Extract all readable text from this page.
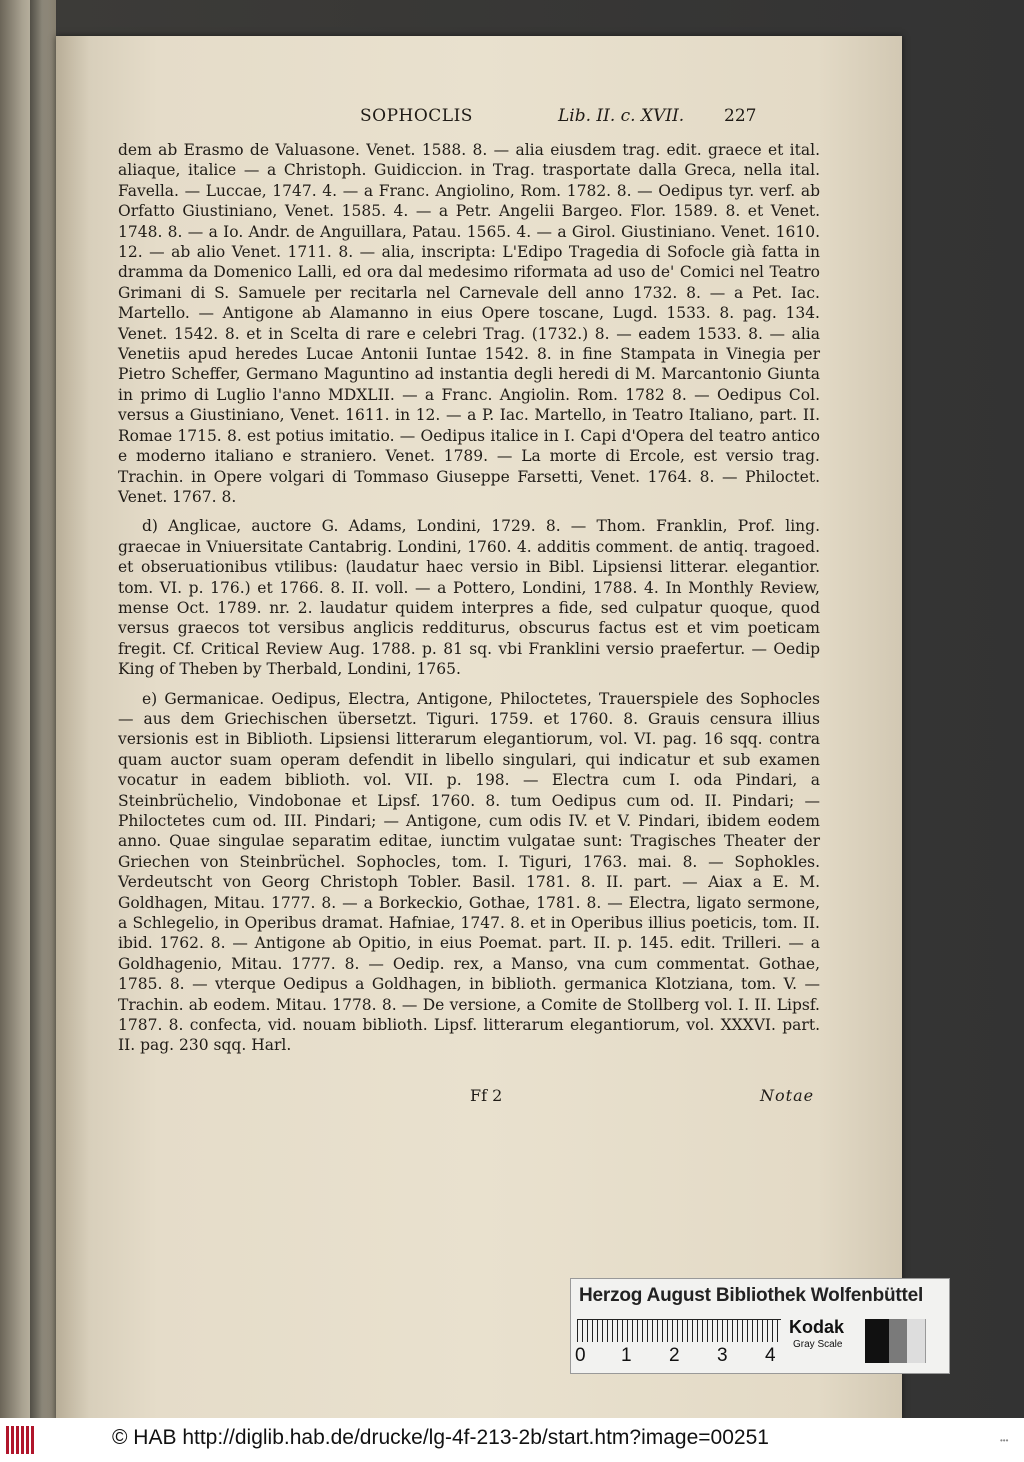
SOPHOCLIS	Lib. II. c. XVII. 227

dem ab Erasmo de Valuasone. Venet. 1588. 8. — alia eiusdem trag. edit. graece et ital. aliaque, italice — a Christoph. Guidiccion. in Trag. trasportate dalla Greca, nella ital. Favella. — Luccae, 1747. 4. — a Franc. Angiolino, Rom. 1782. 8. — Oedipus tyr. verf. ab Orfatto Giustiniano, Venet. 1585. 4. — a Petr. Angelii Bargeo. Flor. 1589. 8. et Venet. 1748. 8. — a Io. Andr. de Anguillara, Patau. 1565. 4. — a Girol. Giustiniano. Venet. 1610. 12. — ab alio Venet. 1711. 8. — alia, inscripta: L'Edipo Tragedia di Sofocle già fatta in dramma da Domenico Lalli, ed ora dal medesimo riformata ad uso de' Comici nel Teatro Grimani di S. Samuele per recitarla nel Carnevale dell anno 1732. 8. — a Pet. Iac. Martello. — Antigone ab Alamanno in eius Opere toscane, Lugd. 1533. 8. pag. 134. Venet. 1542. 8. et in Scelta di rare e celebri Trag. (1732.) 8. — eadem 1533. 8. — alia Venetiis apud heredes Lucae Antonii Iuntae 1542. 8. in fine Stampata in Vinegia per Pietro Scheffer, Germano Maguntino ad instantia degli heredi di M. Marcantonio Giunta in primo di Luglio l'anno MDXLII. — a Franc. Angiolin. Rom. 1782 8. — Oedipus Col. versus a Giustiniano, Venet. 1611. in 12. — a P. Iac. Martello, in Teatro Italiano, part. II. Romae 1715. 8. est potius imitatio. — Oedipus italice in I. Capi d'Opera del teatro antico e moderno italiano e straniero. Venet. 1789. — La morte di Ercole, est versio trag. Trachin. in Opere volgari di Tommaso Giuseppe Farsetti, Venet. 1764. 8. — Philoctet. Venet. 1767. 8.

d) Anglicae, auctore G. Adams, Londini, 1729. 8. — Thom. Franklin, Prof. ling. graecae in Vniuersitate Cantabrig. Londini, 1760. 4. additis comment. de antiq. tragoed. et obseruationibus vtilibus: (laudatur haec versio in Bibl. Lipsiensi litterar. elegantior. tom. VI. p. 176.) et 1766. 8. II. voll. — a Pottero, Londini, 1788. 4. In Monthly Review, mense Oct. 1789. nr. 2. laudatur quidem interpres a fide, sed culpatur quoque, quod versus graecos tot versibus anglicis redditurus, obscurus factus est et vim poeticam fregit. Cf. Critical Review Aug. 1788. p. 81 sq. vbi Franklini versio praefertur. — Oedip King of Theben by Therbald, Londini, 1765.

e) Germanicae. Oedipus, Electra, Antigone, Philoctetes, Trauerspiele des Sophocles — aus dem Griechischen übersetzt. Tiguri. 1759. et 1760. 8. Grauis censura illius versionis est in Biblioth. Lipsiensi litterarum elegantiorum, vol. VI. pag. 16 sqq. contra quam auctor suam operam defendit in libello singulari, qui indicatur et sub examen vocatur in eadem biblioth. vol. VII. p. 198. — Electra cum I. oda Pindari, a Steinbrüchelio, Vindobonae et Lipsf. 1760. 8. tum Oedipus cum od. II. Pindari; — Philoctetes cum od. III. Pindari; — Antigone, cum odis IV. et V. Pindari, ibidem eodem anno. Quae singulae separatim editae, iunctim vulgatae sunt: Tragisches Theater der Griechen von Steinbrüchel. Sophocles, tom. I. Tiguri, 1763. mai. 8. — Sophokles. Verdeutscht von Georg Christoph Tobler. Basil. 1781. 8. II. part. — Aiax a E. M. Goldhagen, Mitau. 1777. 8. — a Borkeckio, Gothae, 1781. 8. — Electra, ligato sermone, a Schlegelio, in Operibus dramat. Hafniae, 1747. 8. et in Operibus illius poeticis, tom. II. ibid. 1762. 8. — Antigone ab Opitio, in eius Poemat. part. II. p. 145. edit. Trilleri. — a Goldhagenio, Mitau. 1777. 8. — Oedip. rex, a Manso, vna cum commentat. Gothae, 1785. 8. — vterque Oedipus a Goldhagen, in biblioth. germanica Klotziana, tom. V. — Trachin. ab eodem. Mitau. 1778. 8. — De versione, a Comite de Stollberg vol. I. II. Lipsf. 1787. 8. confecta, vid. nouam biblioth. Lipsf. litterarum elegantiorum, vol. XXXVI. part. II. pag. 230 sqq. Harl.

Ff 2	Notae
Herzog August Bibliothek Wolfenbüttel
0 1 2 3 4
Kodak
Gray Scale
© HAB http://diglib.hab.de/drucke/lg-4f-213-2b/start.htm?image=00251	•••
